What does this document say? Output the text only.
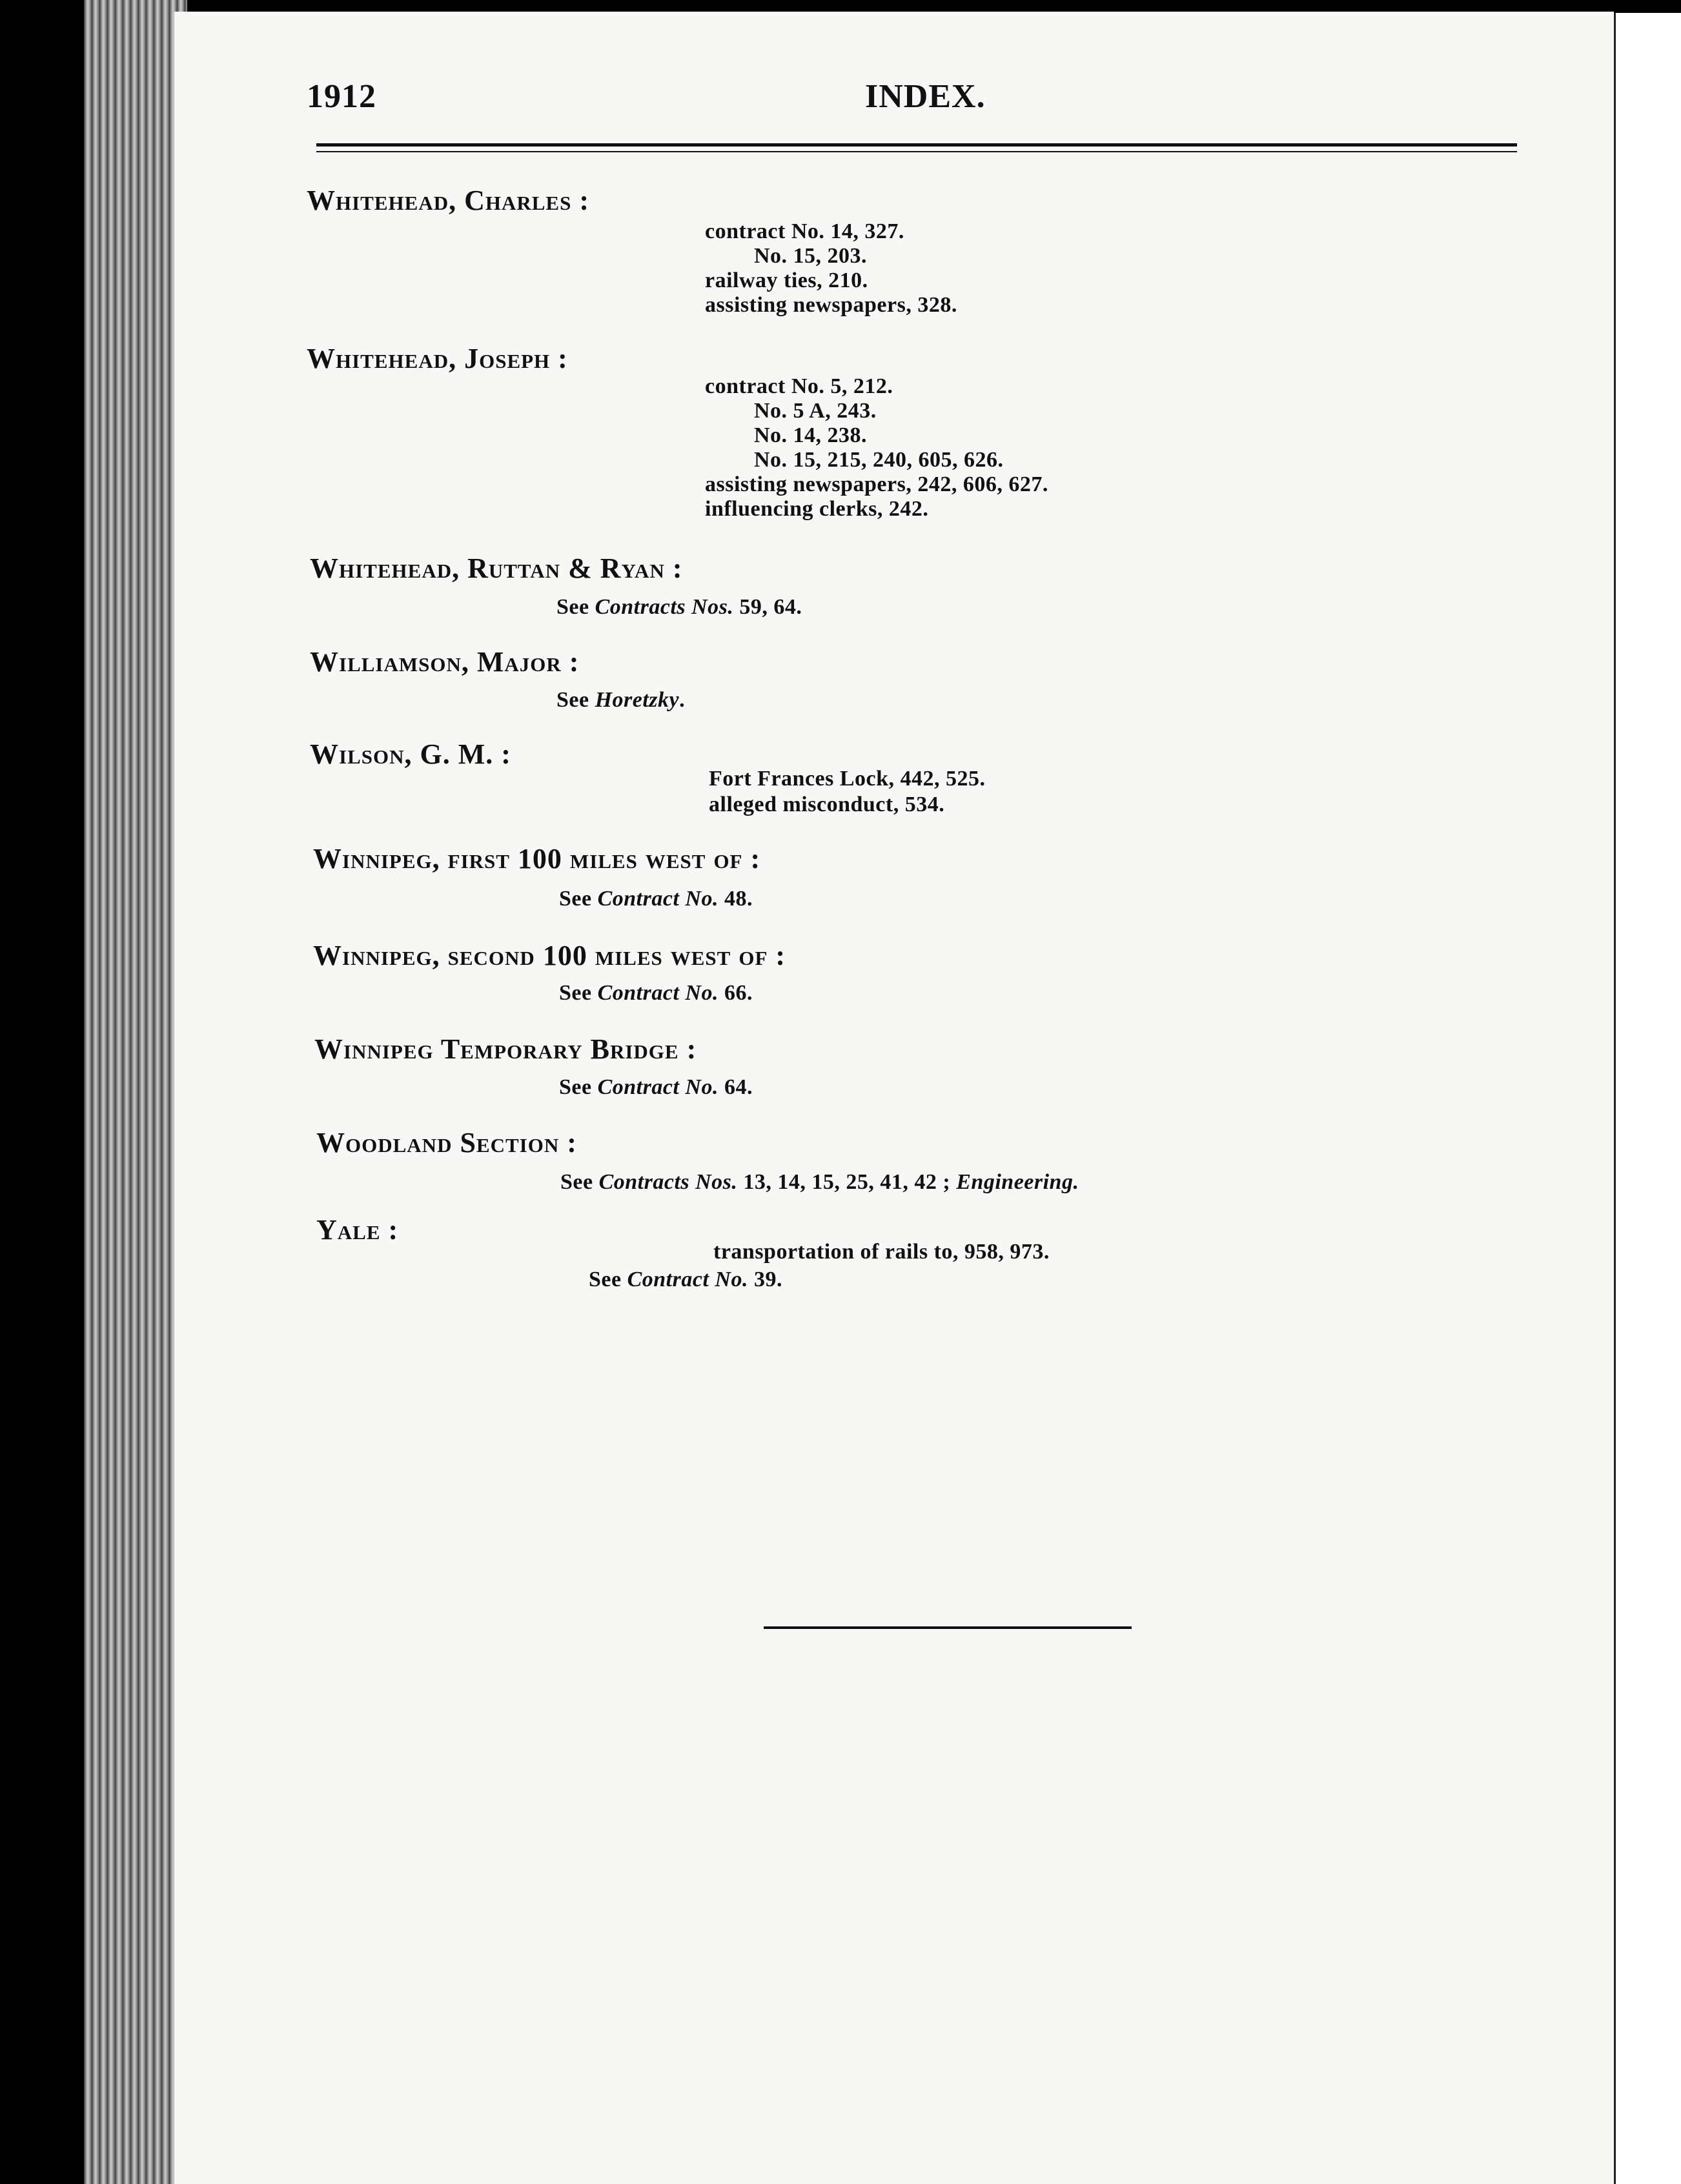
1912	INDEX.
Whitehead, Charles :
contract No. 14, 327.
No. 15, 203.
railway ties, 210.
assisting newspapers, 328.
Whitehead, Joseph :
contract No. 5, 212.
No. 5 A, 243.
No. 14, 238.
No. 15, 215, 240, 605, 626.
assisting newspapers, 242, 606, 627.
influencing clerks, 242.
Whitehead, Ruttan & Ryan :
See Contracts Nos. 59, 64.
Williamson, Major :
See Horetzky.
Wilson, G. M. :
Fort Frances Lock, 442, 525.
alleged misconduct, 534.
Winnipeg, first 100 miles west of :
See Contract No. 48.
Winnipeg, second 100 miles west of :
See Contract No. 66.
Winnipeg Temporary Bridge :
See Contract No. 64.
Woodland Section :
See Contracts Nos. 13, 14, 15, 25, 41, 42 ; Engineering.
Yale :
transportation of rails to, 958, 973.
See Contract No. 39.
